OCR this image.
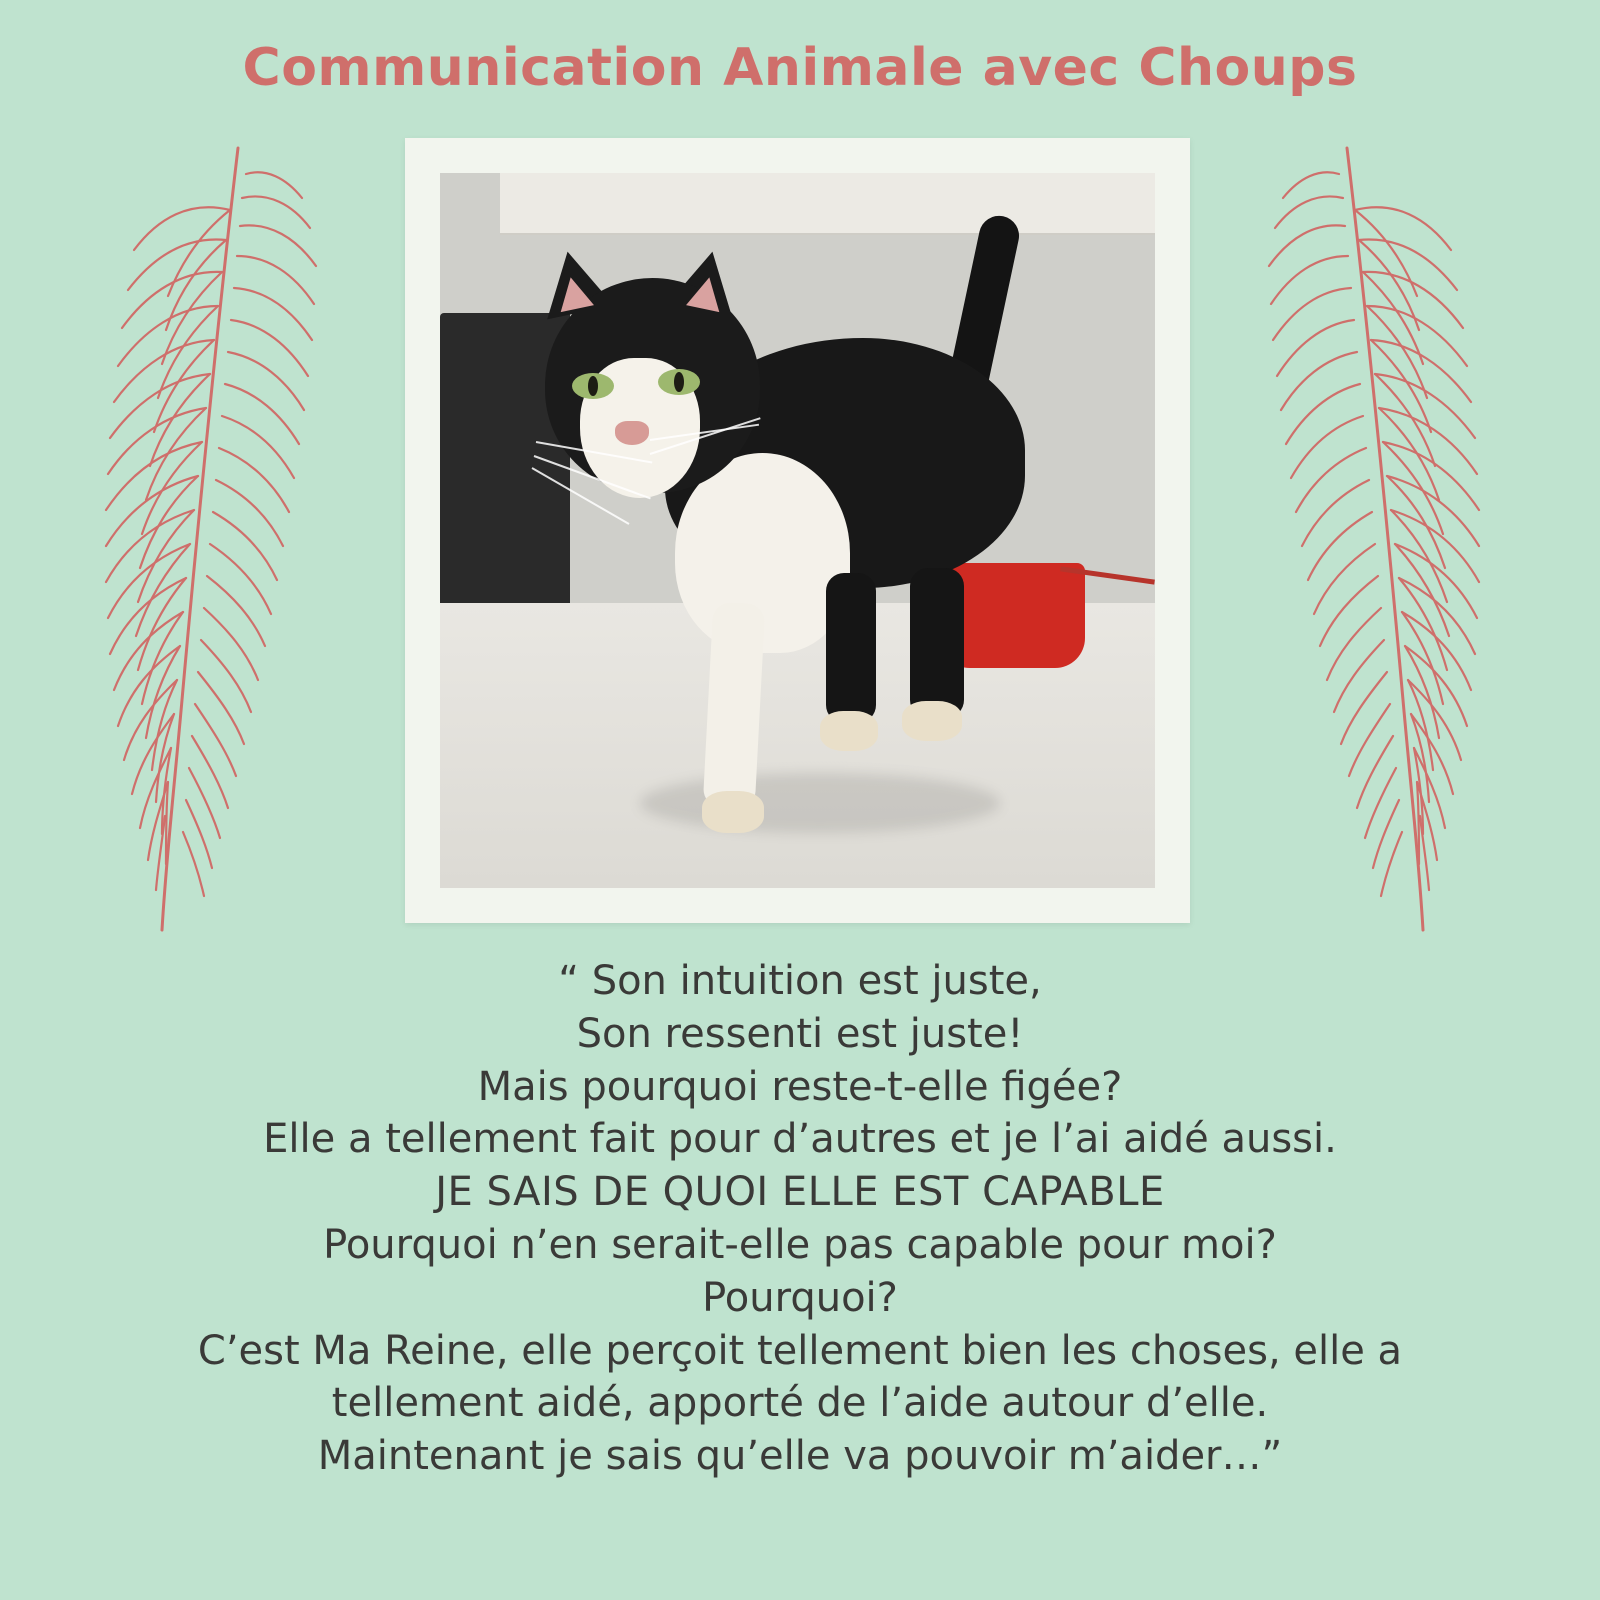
Communication Animale avec Choups
“ Son intuition est juste,
Son ressenti est juste!
Mais pourquoi reste-t-elle figée?
Elle a tellement fait pour d’autres et je l’ai aidé aussi.
JE SAIS DE QUOI ELLE EST CAPABLE
Pourquoi n’en serait-elle pas capable pour moi?
Pourquoi?
C’est Ma Reine, elle perçoit tellement bien les choses, elle a tellement aidé, apporté de l’aide autour d’elle.
Maintenant je sais qu’elle va pouvoir m’aider…”
